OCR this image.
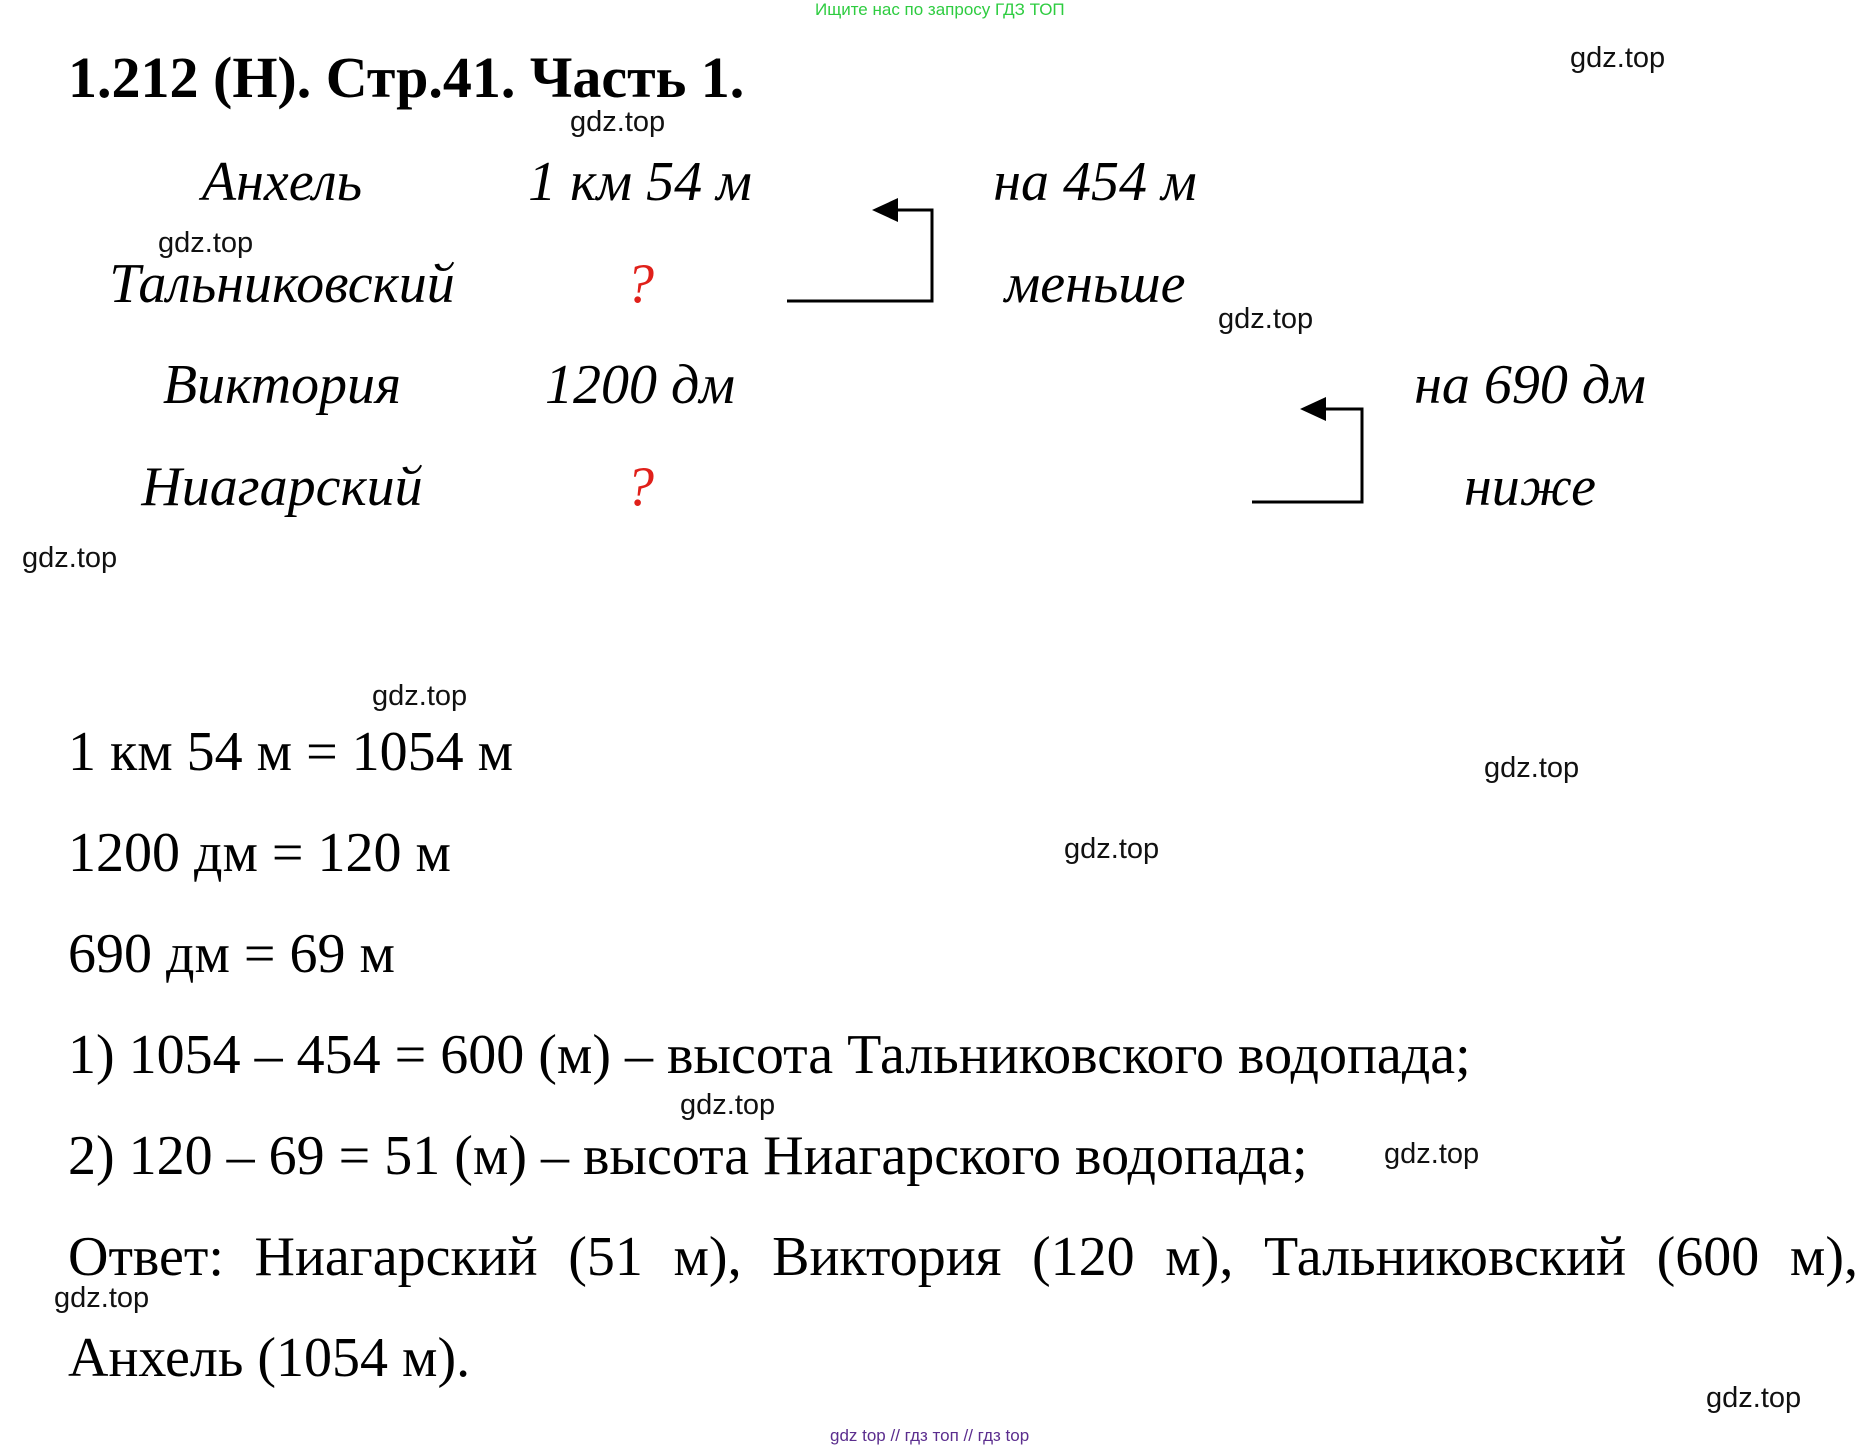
Ищите нас по запросу ГДЗ ТОП
gdz top // гдз топ // гдз top
1.212 (Н). Стр.41. Часть 1.
Анхель	1 км 54 м
Тальниковский	?
Виктория	1200 дм
Ниагарский	?
на 454 м
меньше
на 690 дм
ниже
1 км 54 м = 1054 м
1200 дм = 120 м
690 дм = 69 м
1) 1054 – 454 = 600 (м) – высота Тальниковского водопада;
2) 120 – 69 = 51 (м) – высота Ниагарского водопада;
Ответ: Ниагарский (51 м), Виктория (120 м), Тальниковский (600 м),
Анхель (1054 м).
gdz.top
gdz.top
gdz.top
gdz.top
gdz.top
gdz.top
gdz.top
gdz.top
gdz.top
gdz.top
gdz.top
gdz.top
